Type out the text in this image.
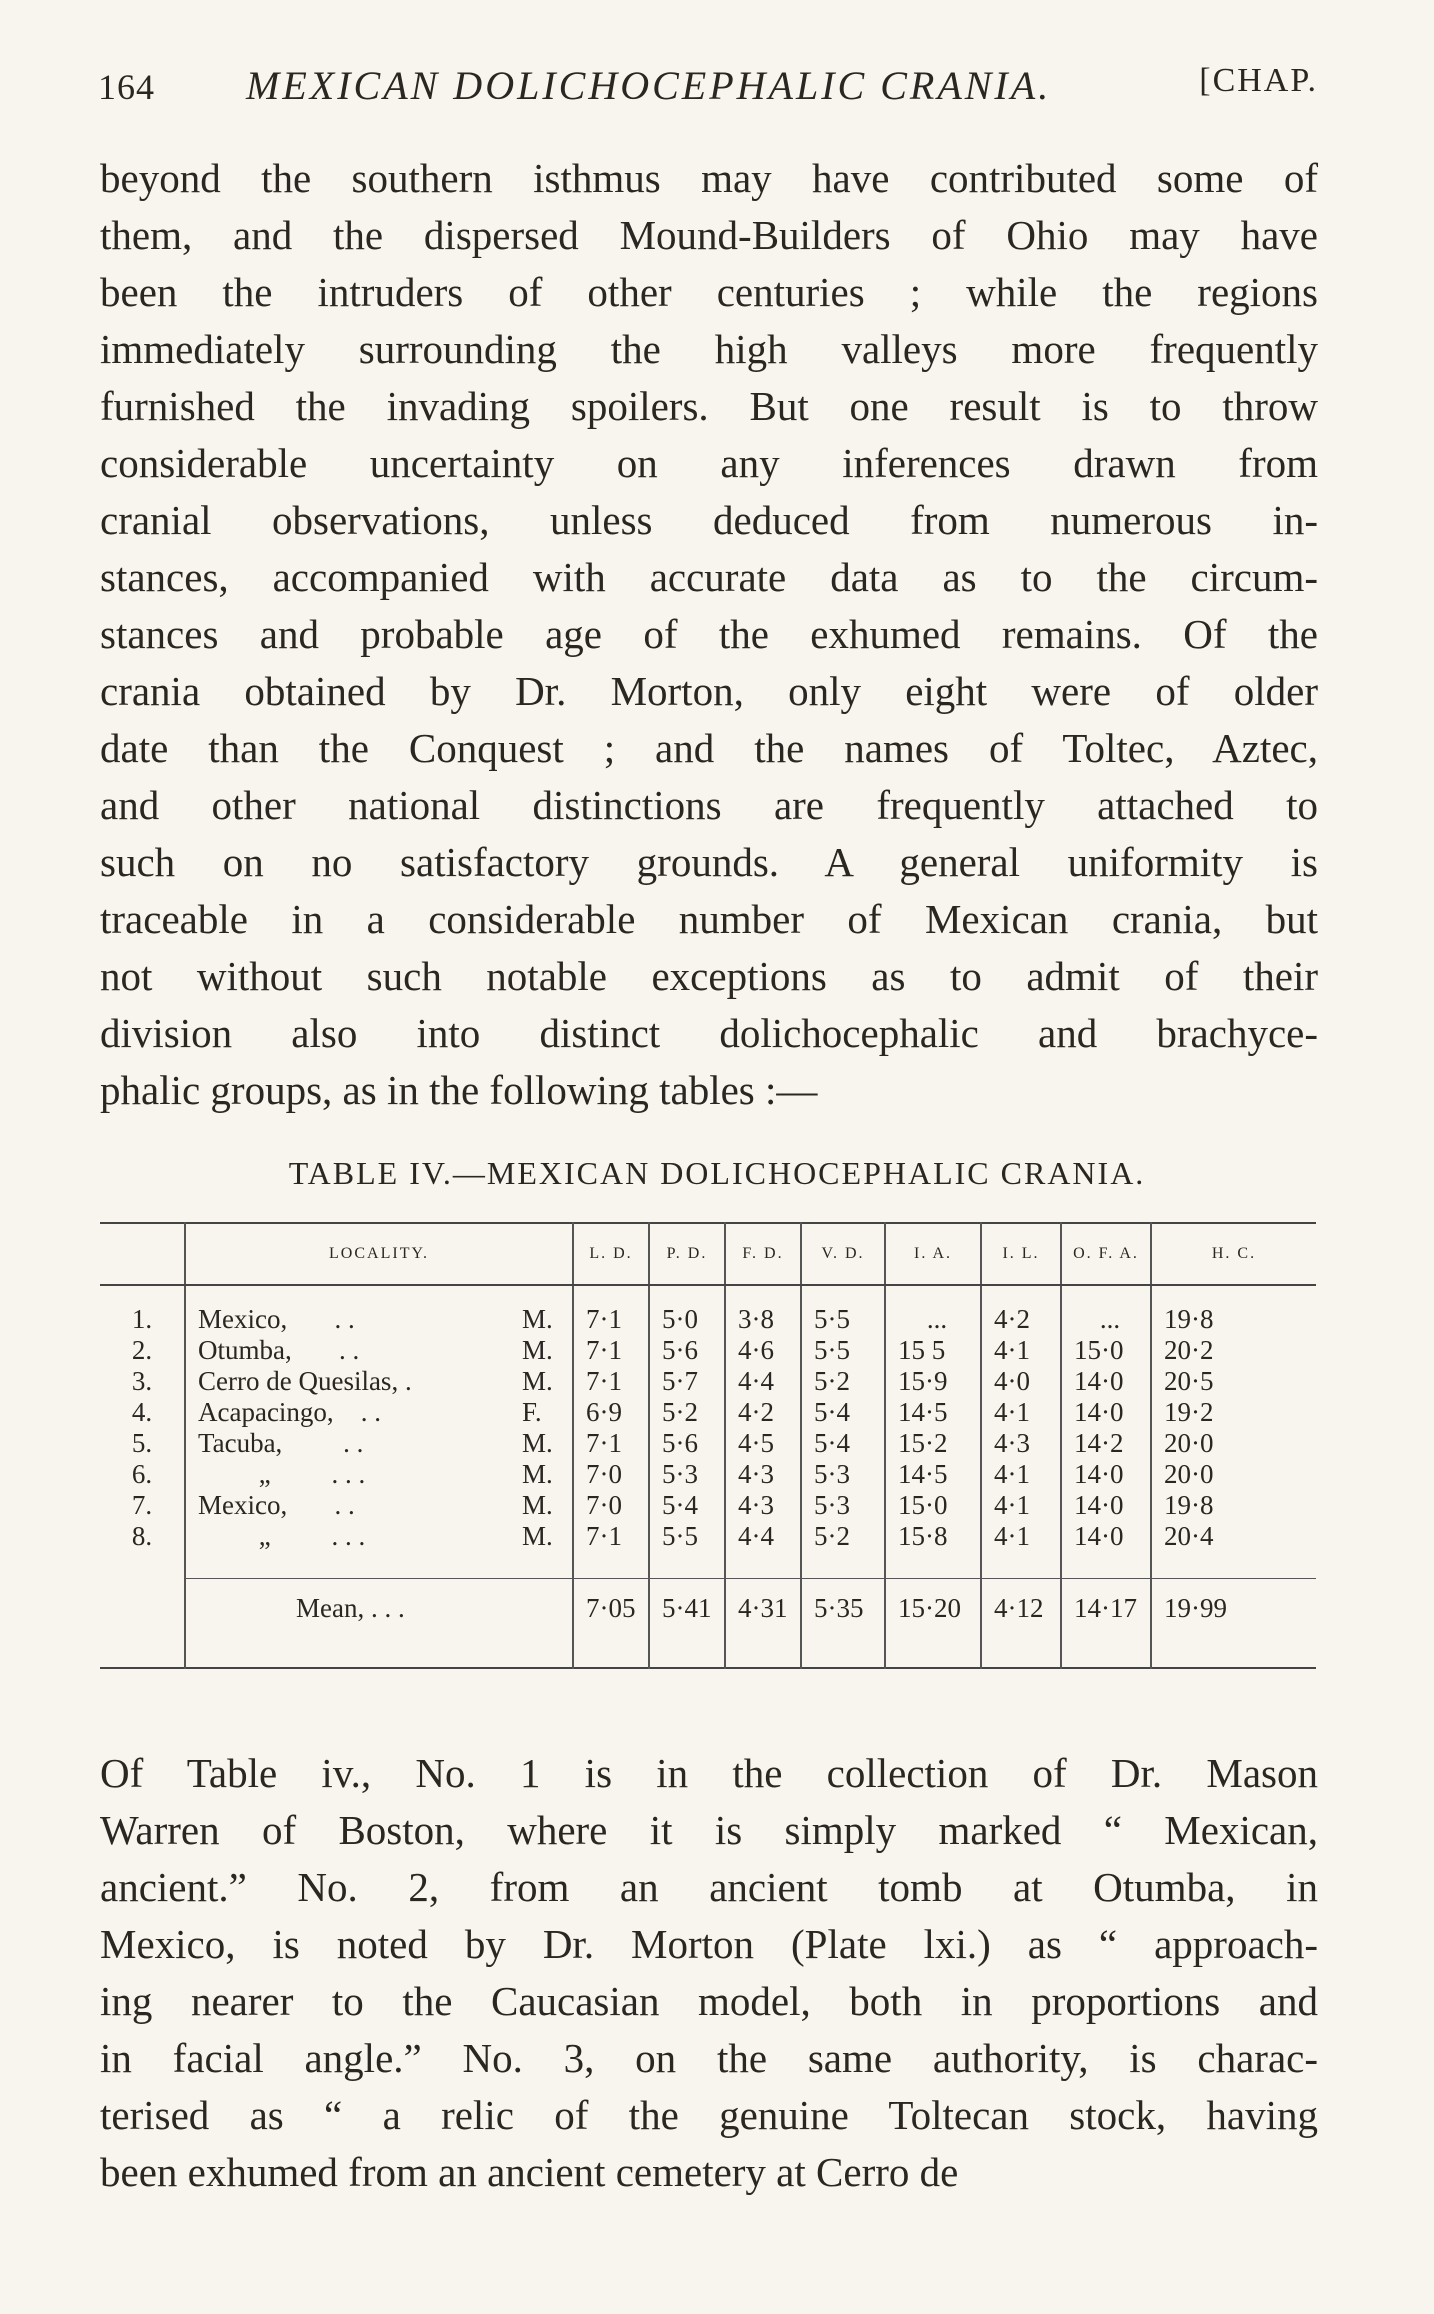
164 MEXICAN DOLICHOCEPHALIC CRANIA.	[CHAP.
beyond the southern isthmus may have contributed some of
them, and the dispersed Mound-Builders of Ohio may have
been the intruders of other centuries ; while the regions
immediately surrounding the high valleys more frequently
furnished the invading spoilers. But one result is to throw
considerable uncertainty on any inferences drawn from
cranial observations, unless deduced from numerous in-
stances, accompanied with accurate data as to the circum-
stances and probable age of the exhumed remains. Of the
crania obtained by Dr. Morton, only eight were of older
date than the Conquest ; and the names of Toltec, Aztec,
and other national distinctions are frequently attached to
such on no satisfactory grounds. A general uniformity is
traceable in a considerable number of Mexican crania, but
not without such notable exceptions as to admit of their
division also into distinct dolichocephalic and brachyce-
phalic groups, as in the following tables :—
TABLE IV.—MEXICAN DOLICHOCEPHALIC CRANIA.
	LOCALITY.		L. D.	P. D.	F. D.	V. D.	I. A.	I. L.	O. F. A.	H. C.

1.	Mexico, . .	M.	7·1	5·0	3·8	5·5	...	4·2	...	19·8
2.	Otumba, . .	M.	7·1	5·6	4·6	5·5	15 5	4·1	15·0	20·2
3.	Cerro de Quesilas, .	M.	7·1	5·7	4·4	5·2	15·9	4·0	14·0	20·5
4.	Acapacingo, . .	F.	6·9	5·2	4·2	5·4	14·5	4·1	14·0	19·2
5.	Tacuba, . .	M.	7·1	5·6	4·5	5·4	15·2	4·3	14·2	20·0
6.	„ . . .	M.	7·0	5·3	4·3	5·3	14·5	4·1	14·0	20·0
7.	Mexico, . .	M.	7·0	5·4	4·3	5·3	15·0	4·1	14·0	19·8
8.	„ . . .	M.	7·1	5·5	4·4	5·2	15·8	4·1	14·0	20·4

	Mean, . . .		7·05	5·41	4·31	5·35	15·20	4·12	14·17	19·99

Of Table iv., No. 1 is in the collection of Dr. Mason
Warren of Boston, where it is simply marked “ Mexican,
ancient.” No. 2, from an ancient tomb at Otumba, in
Mexico, is noted by Dr. Morton (Plate lxi.) as “ approach-
ing nearer to the Caucasian model, both in proportions and
in facial angle.” No. 3, on the same authority, is charac-
terised as “ a relic of the genuine Toltecan stock, having
been exhumed from an ancient cemetery at Cerro de
